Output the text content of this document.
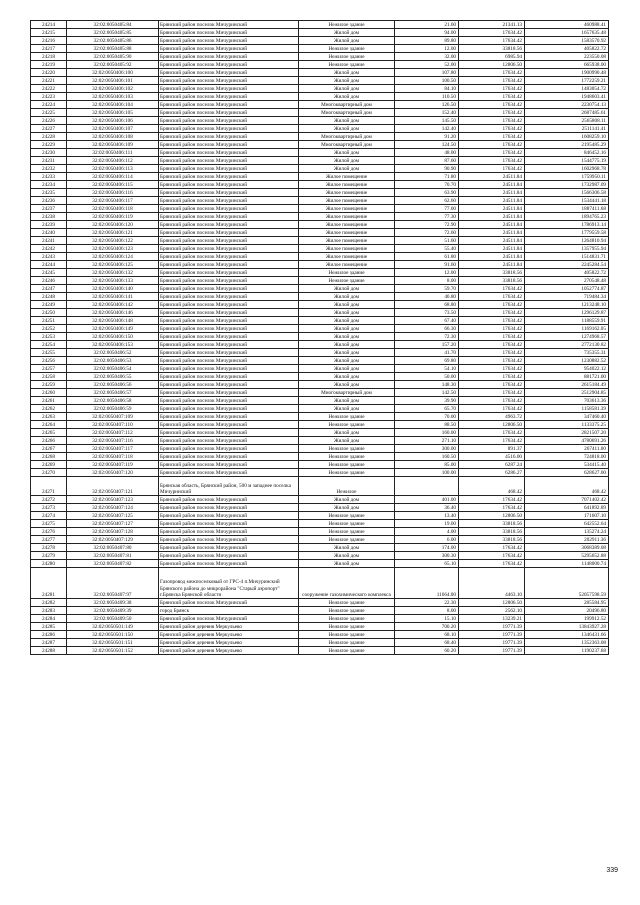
24214	32:02:0050405:84	Брянский район поселок Мичуринский	Нежилое здание	21.60	21341.13	460988.41
24215	32:02:0050405:85	Брянский район поселок Мичуринский	Жилой дом	94.00	17634.42	1657635.48
24216	32:02:0050405:86	Брянский район поселок Мичуринский	Жилой дом	89.80	17634.42	1583570.92
24217	32:02:0050405:88	Брянский район поселок Мичуринский	Нежилое здание	12.00	33818.56	405822.72
24218	32:02:0050405:90	Брянский район поселок Мичуринский	Нежилое здание	32.00	6985.94	223550.08
24219	32:02:0050405:92	Брянский район поселок Мичуринский	Нежилое здание	52.00	12806.50	665938.00
24220	32:02:0050406:100	Брянский район поселок Мичуринский	Жилой дом	107.80	17634.42	1900990.48
24221	32:02:0050406:101	Брянский район поселок Мичуринский	Жилой дом	100.50	17634.42	1772259.21
24222	32:02:0050406:102	Брянский район поселок Мичуринский	Жилой дом	84.10	17634.42	1483054.72
24223	32:02:0050406:103	Брянский район поселок Мичуринский	Жилой дом	110.50	17634.42	1948603.41
24224	32:02:0050406:104	Брянский район поселок Мичуринский	Многоквартирный дом	126.50	17634.42	2230754.13
24225	32:02:0050406:105	Брянский район поселок Мичуринский	Многоквартирный дом	152.40	17634.42	2687485.61
24226	32:02:0050406:106	Брянский район поселок Мичуринский	Жилой дом	145.50	17634.42	2565808.11
24227	32:02:0050406:107	Брянский район поселок Мичуринский	Жилой дом	142.40	17634.42	2511141.41
24228	32:02:0050406:108	Брянский район поселок Мичуринский	Многоквартирный дом	91.20	17634.42	1608259.10
24229	32:02:0050406:109	Брянский район поселок Мичуринский	Многоквартирный дом	124.50	17634.42	2195485.29
24230	32:02:0050406:111	Брянский район поселок Мичуринский	Жилой дом	48.00	17634.42	846452.16
24231	32:02:0050406:112	Брянский район поселок Мичуринский	Жилой дом	87.60	17634.42	1544775.19
24232	32:02:0050406:113	Брянский район поселок Мичуринский	Жилой дом	90.90	17634.42	1602968.78
24233	32:02:0050406:114	Брянский район поселок Мичуринский	Жилое помещение	71.80	24511.84	1759950.11
24234	32:02:0050406:115	Брянский район поселок Мичуринский	Жилое помещение	70.70	24511.84	1732987.09
24235	32:02:0050406:116	Брянский район поселок Мичуринский	Жилое помещение	63.90	24511.84	1566306.58
24236	32:02:0050406:117	Брянский район поселок Мичуринский	Жилое помещение	62.60	24511.84	1534441.18
24237	32:02:0050406:118	Брянский район поселок Мичуринский	Жилое помещение	77.00	24511.84	1887411.68
24238	32:02:0050406:119	Брянский район поселок Мичуринский	Жилое помещение	77.30	24511.84	1894765.23
24239	32:02:0050406:120	Брянский район поселок Мичуринский	Жилое помещение	72.90	24511.84	1786913.14
24240	32:02:0050406:121	Брянский район поселок Мичуринский	Жилое помещение	72.60	24511.84	1779559.58
24241	32:02:0050406:122	Брянский район поселок Мичуринский	Жилое помещение	51.60	24511.84	1264810.94
24242	32:02:0050406:123	Брянский район поселок Мичуринский	Жилое помещение	55.40	24511.84	1357955.94
24243	32:02:0050406:124	Брянский район поселок Мичуринский	Жилое помещение	61.80	24511.84	1514831.71
24244	32:02:0050406:125	Брянский район поселок Мичуринский	Жилое помещение	91.60	24511.84	2245284.54
24245	32:02:0050406:132	Брянский район поселок Мичуринский	Нежилое здание	12.00	33818.56	405822.72
24246	32:02:0050406:133	Брянский район поселок Мичуринский	Нежилое здание	8.00	33818.56	270548.48
24247	32:02:0050406:140	Брянский район поселок Мичуринский	Жилой дом	59.70	17634.42	1052774.87
24248	32:02:0050406:141	Брянский район поселок Мичуринский	Жилой дом	40.80	17634.42	719484.34
24249	32:02:0050406:142	Брянский район поселок Мичуринский	Жилой дом	68.80	17634.42	1213248.10
24250	32:02:0050406:146	Брянский район поселок Мичуринский	Жилой дом	73.50	17634.42	1296129.87
24251	32:02:0050406:148	Брянский район поселок Мичуринский	Жилой дом	67.40	17634.42	1188559.91
24252	32:02:0050406:149	Брянский район поселок Мичуринский	Жилой дом	66.30	17634.42	1169162.05
24253	32:02:0050406:150	Брянский район поселок Мичуринский	Жилой дом	72.30	17634.42	1274968.57
24254	32:02:0050406:153	Брянский район поселок Мичуринский	Жилой дом	157.20	17634.42	2772130.82
24255	32:02:0050406:52	Брянский район поселок Мичуринский	Жилой дом	41.70	17634.42	735355.31
24256	32:02:0050406:53	Брянский район поселок Мичуринский	Жилой дом	69.80	17634.42	1230882.52
24257	32:02:0050406:54	Брянский район поселок Мичуринский	Жилой дом	54.10	17634.42	954022.12
24258	32:02:0050406:55	Брянский район поселок Мичуринский	Жилой дом	50.00	17634.42	881721.00
24259	32:02:0050406:56	Брянский район поселок Мичуринский	Жилой дом	148.30	17634.42	2615184.49
24260	32:02:0050406:57	Брянский район поселок Мичуринский	Многоквартирный дом	142.50	17634.42	2512904.85
24261	32:02:0050406:58	Брянский район поселок Мичуринский	Жилой дом	39.90	17634.42	703613.36
24262	32:02:0050406:59	Брянский район поселок Мичуринский	Жилой дом	65.70	17634.42	1158581.39
24263	32:02:0050407:109	Брянский район поселок Мичуринский	Нежилое здание	70.00	4963.72	347460.40
24264	32:02:0050407:110	Брянский район поселок Мичуринский	Нежилое здание	88.50	12806.50	1133375.25
24265	32:02:0050407:112	Брянский район поселок Мичуринский	Жилой дом	160.00	17634.42	2821507.20
24266	32:02:0050407:116	Брянский район поселок Мичуринский	Жилой дом	271.10	17634.42	4780691.26
24267	32:02:0050407:117	Брянский район поселок Мичуринский	Нежилое здание	300.00	891.37	267411.00
24268	32:02:0050407:118	Брянский район поселок Мичуринский	Нежилое здание	160.50	4516.00	724818.00
24269	32:02:0050407:119	Брянский район поселок Мичуринский	Нежилое здание	85.00	6287.24	534415.40
24270	32:02:0050407:120	Брянский район поселок Мичуринский	Нежилое здание	100.00	6286.27	628627.00
24271	32:02:0050407:121	Брянская область, Брянский район, 500 м западнее поселка Мичуринский	Нежилое		468.42	468.42
24272	32:02:0050407:123	Брянский район поселок Мичуринский	Жилой дом	401.00	17634.42	7071402.42
24273	32:02:0050407:124	Брянский район поселок Мичуринский	Жилой дом	36.40	17634.42	641892.89
24274	32:02:0050407:125	Брянский район поселок Мичуринский	Нежилое здание	13.40	12806.50	171607.10
24275	32:02:0050407:127	Брянский район поселок Мичуринский	Нежилое здание	19.00	33818.56	642552.64
24276	32:02:0050407:128	Брянский район поселок Мичуринский	Нежилое здание	4.00	33818.56	135274.24
24277	32:02:0050407:129	Брянский район поселок Мичуринский	Нежилое здание	6.00	33818.56	202911.36
24278	32:02:0050407:80	Брянский район поселок Мичуринский	Жилой дом	174.00	17634.42	3068389.08
24279	32:02:0050407:81	Брянский район поселок Мичуринский	Жилой дом	300.30	17634.42	5295652.88
24280	32:02:0050407:82	Брянский район поселок Мичуринский	Жилой дом	65.10	17634.42	1148000.74
24281	32:02:0050407:97	Газопровод межпоселковый от ГРС-4 п.Мичуринский Брянского района до микрорайона "Старый аэропорт" г.Брянска Брянской области	сооружение газохимического комплекса	11664.00	4463.10	52057598.59
24282	32:02:0050409:38	Брянский район поселок Мичуринский	Нежилое здание	22.30	12806.50	285584.95
24283	32:02:0050409:39	город Брянск	Нежилое здание	8.00	2562.10	20496.80
24284	32:02:0050409:50	Брянский район поселок Мичуринский	Нежилое здание	15.10	13239.21	199912.52
24285	32:02:0050501:149	Брянский район деревня Меркульево	Нежилое здание	700.20	19771.39	13843927.28
24286	32:02:0050501:150	Брянский район деревня Меркульево	Нежилое здание	68.10	19771.39	1346431.66
24287	32:02:0050501:151	Брянский район деревня Меркульево	Нежилое здание	68.40	19771.39	1352363.08
24288	32:02:0050501:152	Брянский район деревня Меркульево	Нежилое здание	60.20	19771.39	1190237.68
339
